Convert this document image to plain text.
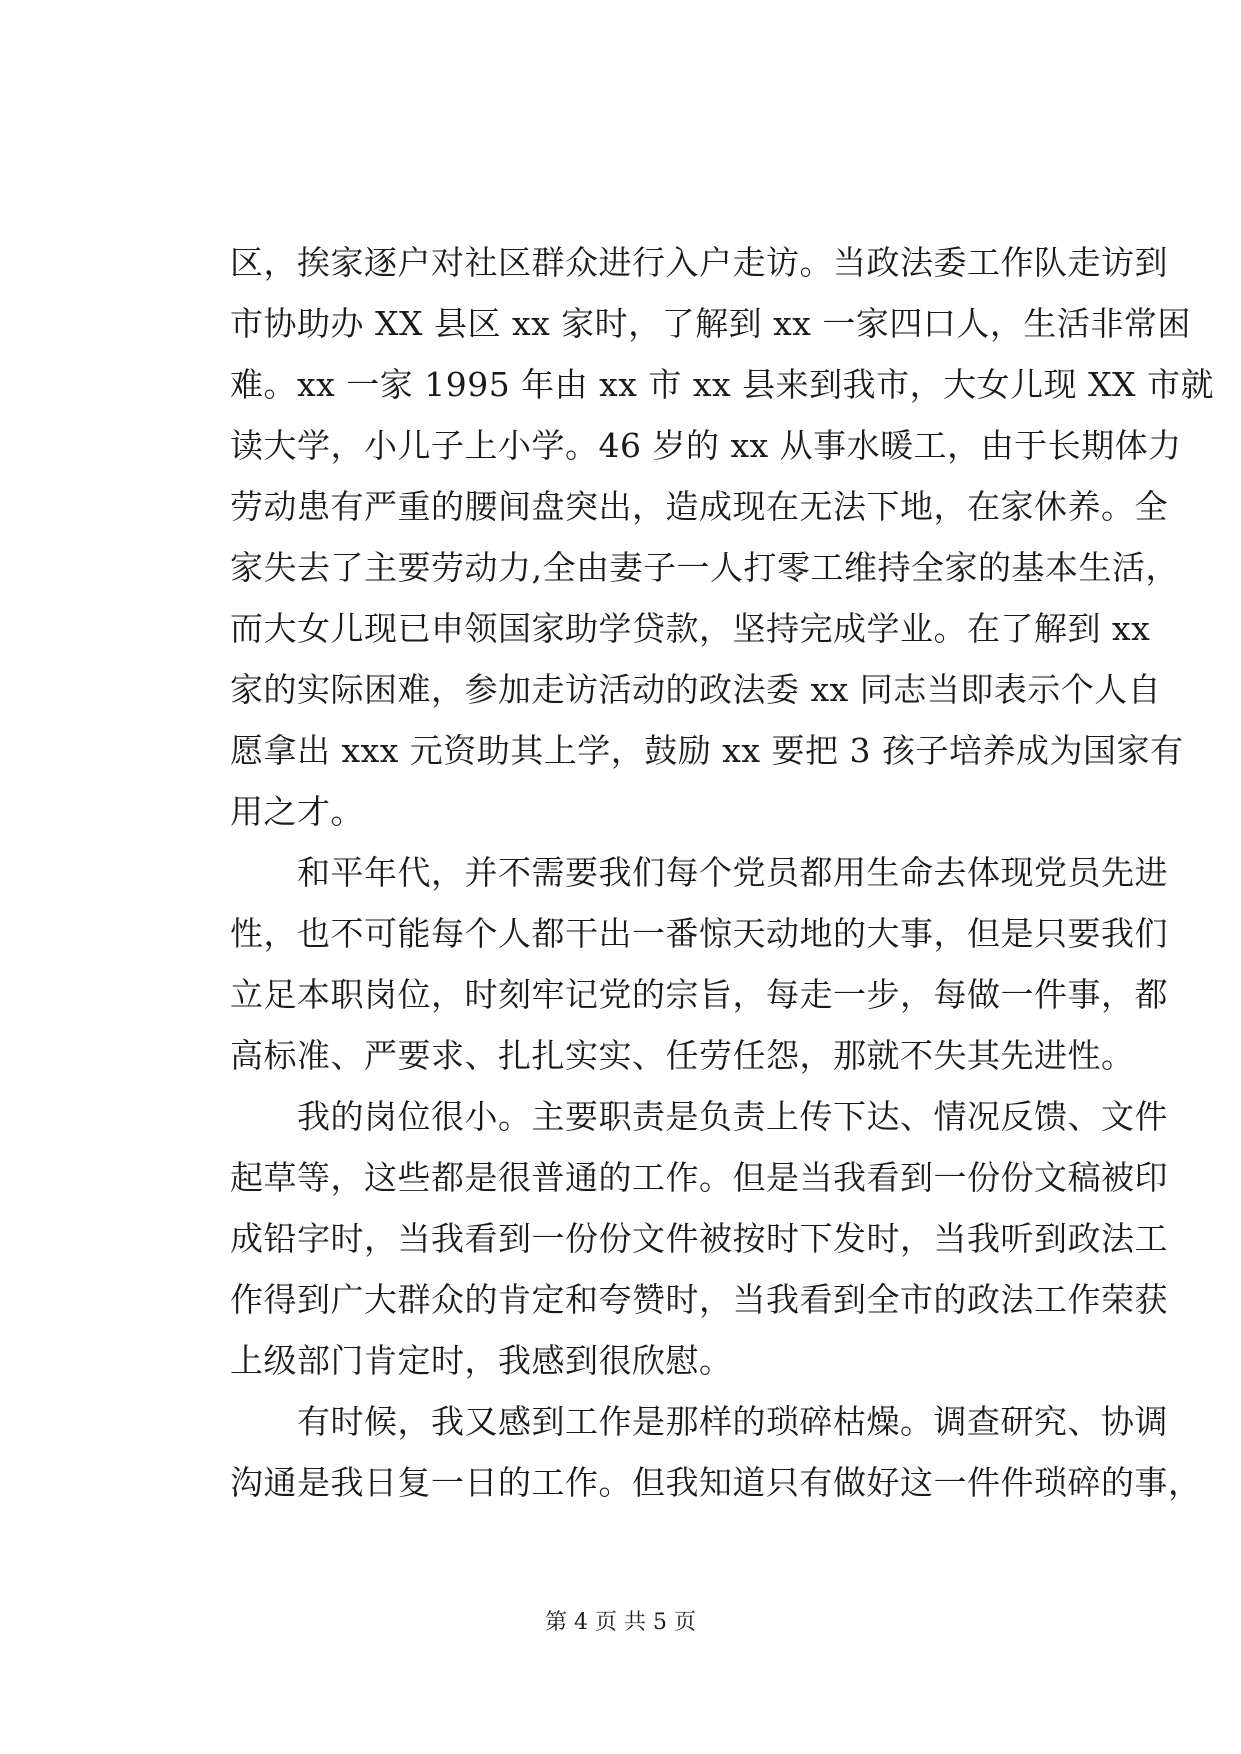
区，挨家逐户对社区群众进行入户走访。当政法委工作队走访到
市协助办 XX 县区 xx 家时，了解到 xx 一家四口人，生活非常困
难。xx 一家 1995 年由 xx 市 xx 县来到我市，大女儿现 XX 市就
读大学，小儿子上小学。46 岁的 xx 从事水暖工，由于长期体力
劳动患有严重的腰间盘突出，造成现在无法下地，在家休养。全
家失去了主要劳动力,全由妻子一人打零工维持全家的基本生活，
而大女儿现已申领国家助学贷款，坚持完成学业。在了解到 xx
家的实际困难，参加走访活动的政法委 xx 同志当即表示个人自
愿拿出 xxx 元资助其上学，鼓励 xx 要把 3 孩子培养成为国家有
用之才。
　　和平年代，并不需要我们每个党员都用生命去体现党员先进
性，也不可能每个人都干出一番惊天动地的大事，但是只要我们
立足本职岗位，时刻牢记党的宗旨，每走一步，每做一件事，都
高标准、严要求、扎扎实实、任劳任怨，那就不失其先进性。
　　我的岗位很小。主要职责是负责上传下达、情况反馈、文件
起草等，这些都是很普通的工作。但是当我看到一份份文稿被印
成铅字时，当我看到一份份文件被按时下发时，当我听到政法工
作得到广大群众的肯定和夸赞时，当我看到全市的政法工作荣获
上级部门肯定时，我感到很欣慰。
　　有时候，我又感到工作是那样的琐碎枯燥。调查研究、协调
沟通是我日复一日的工作。但我知道只有做好这一件件琐碎的事，
第 4 页 共 5 页
